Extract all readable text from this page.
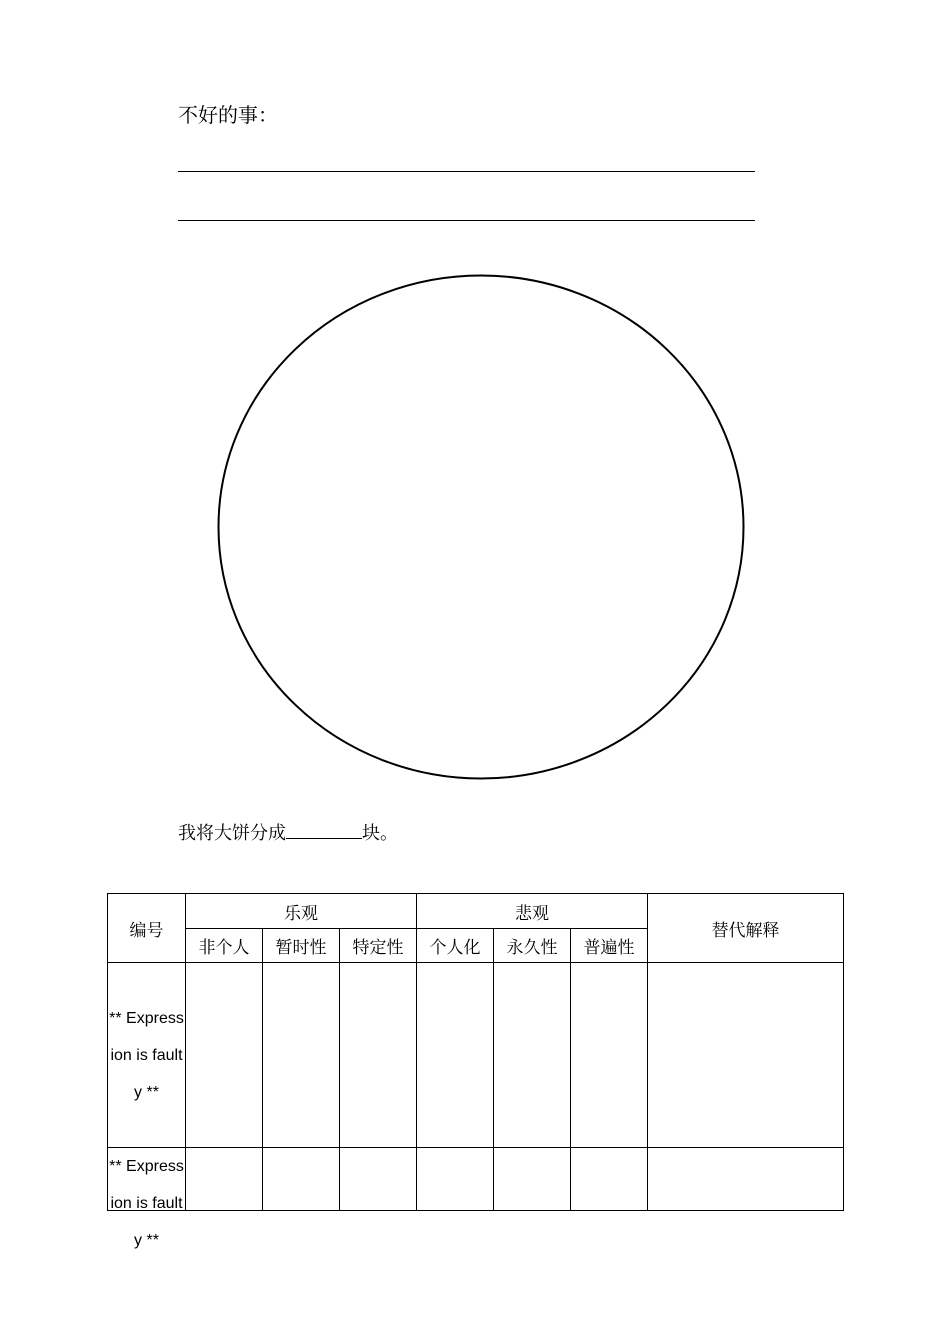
不好的事：
我将大饼分成	块。
编号	乐观			悲观			替代解释
	非个人	暂时性	特定性	个人化	永久性	普遍性	
** Expression is faulty **							

** Expression is faulty **							
